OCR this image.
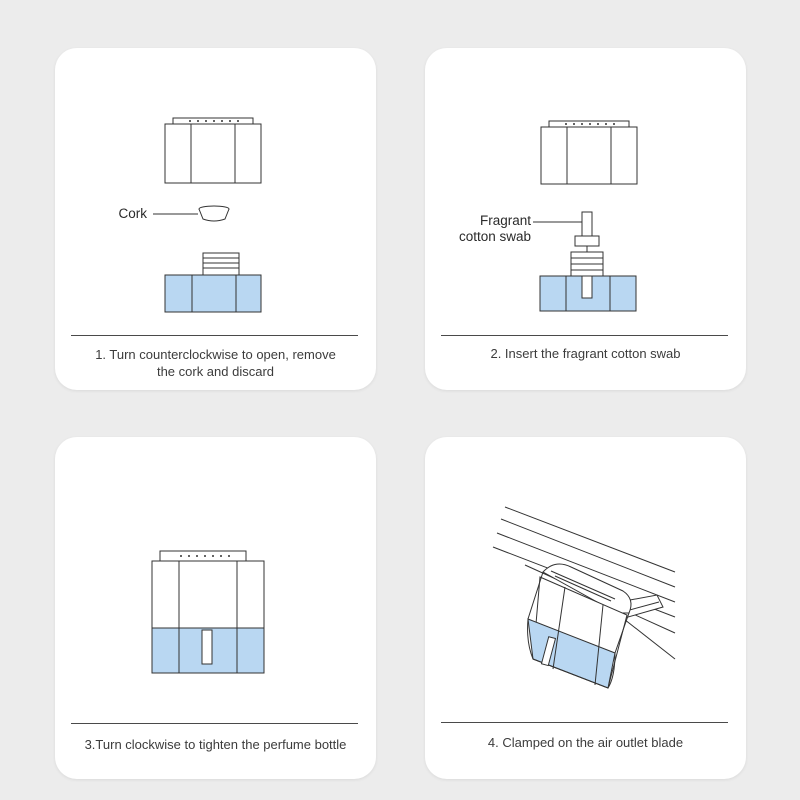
Cork
1. Turn counterclockwise to open, remove the cork and discard
Fragrant
cotton swab
2. Insert the fragrant cotton swab
3.Turn clockwise to tighten the perfume bottle	4. Clamped on the air outlet blade
